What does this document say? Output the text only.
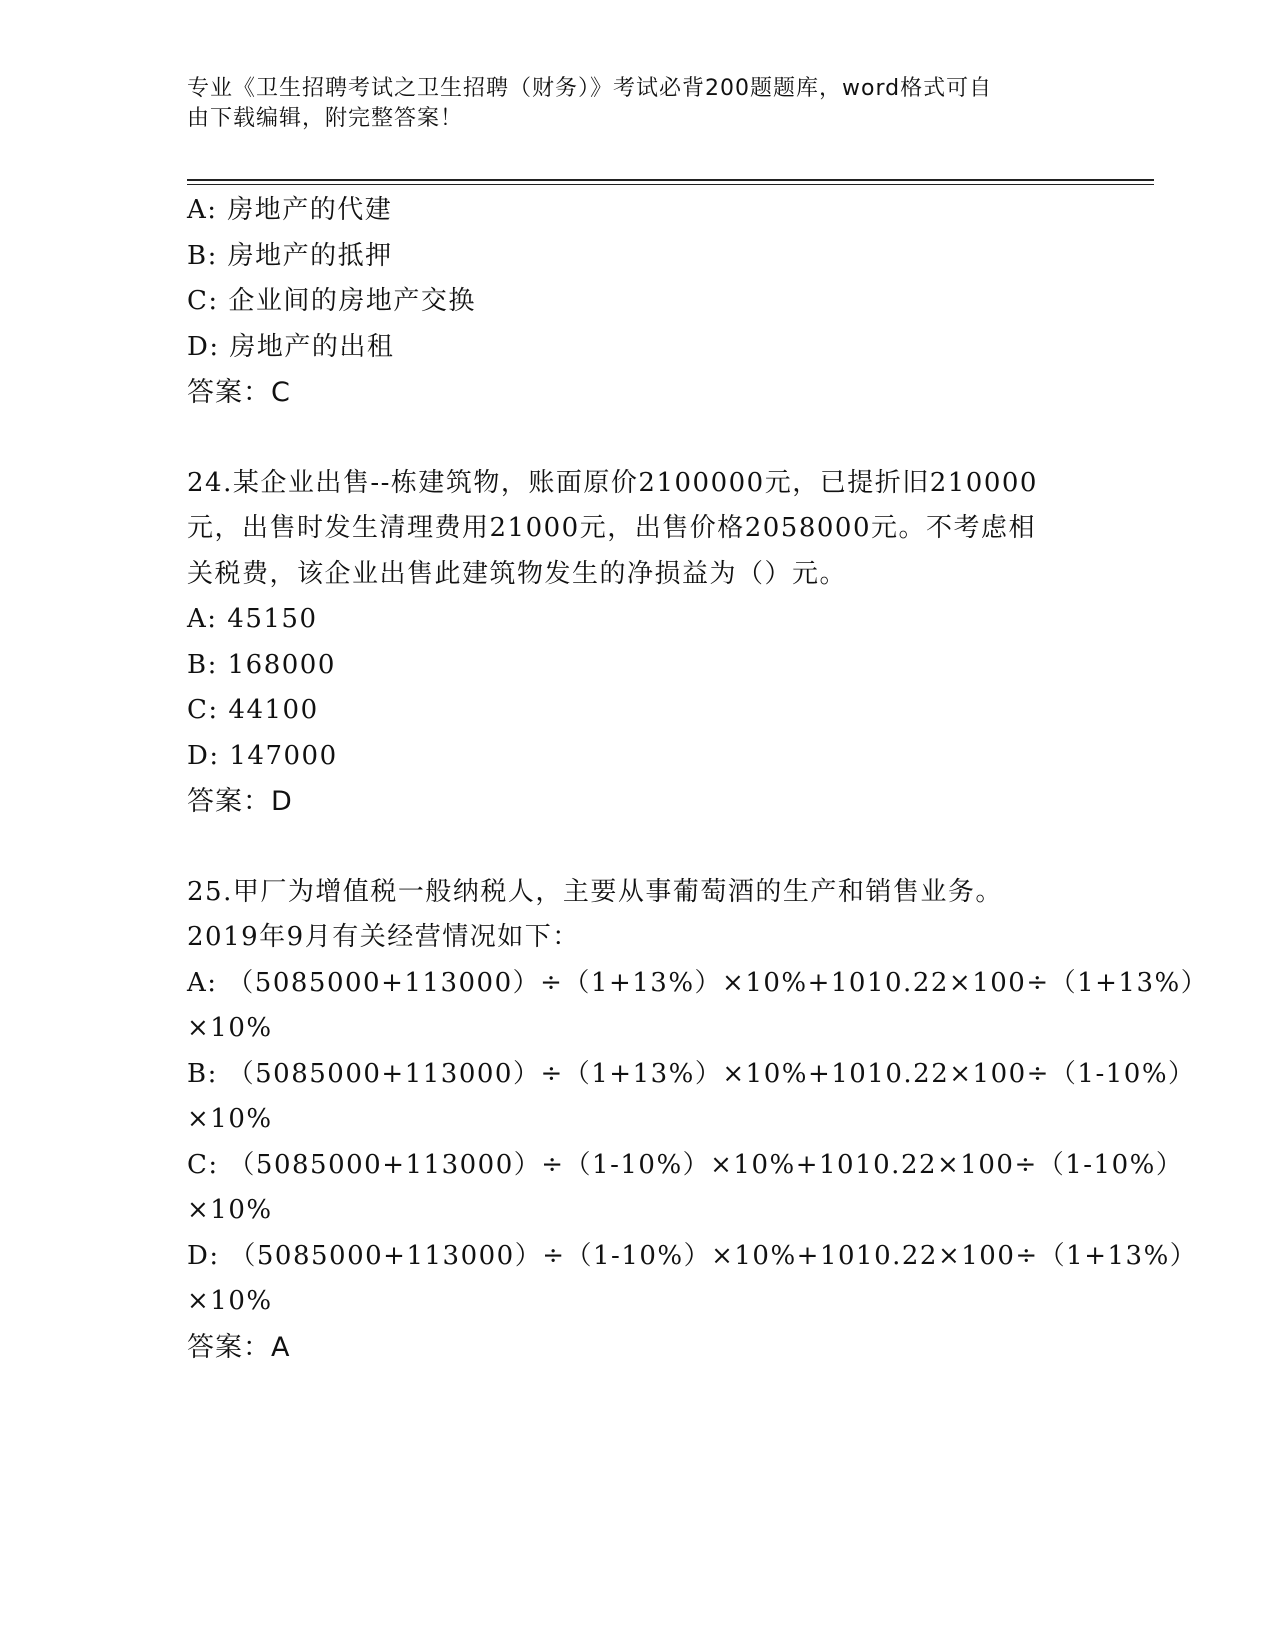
专业《卫生招聘考试之卫生招聘（财务）》考试必背200题题库，word格式可自
由下载编辑，附完整答案！
A: 房地产的代建
B: 房地产的抵押
C: 企业间的房地产交换
D: 房地产的出租
答案：C
24.某企业出售--栋建筑物，账面原价2100000元，已提折旧210000
元，出售时发生清理费用21000元，出售价格2058000元。不考虑相
关税费，该企业出售此建筑物发生的净损益为（）元。
A: 45150
B: 168000
C: 44100
D: 147000
答案：D
25.甲厂为增值税一般纳税人，主要从事葡萄酒的生产和销售业务。
2019年9月有关经营情况如下：
A: （5085000+113000）÷（1+13%）×10%+1010.22×100÷（1+13%）
×10%
B: （5085000+113000）÷（1+13%）×10%+1010.22×100÷（1-10%）
×10%
C: （5085000+113000）÷（1-10%）×10%+1010.22×100÷（1-10%）
×10%
D: （5085000+113000）÷（1-10%）×10%+1010.22×100÷（1+13%）
×10%
答案：A
